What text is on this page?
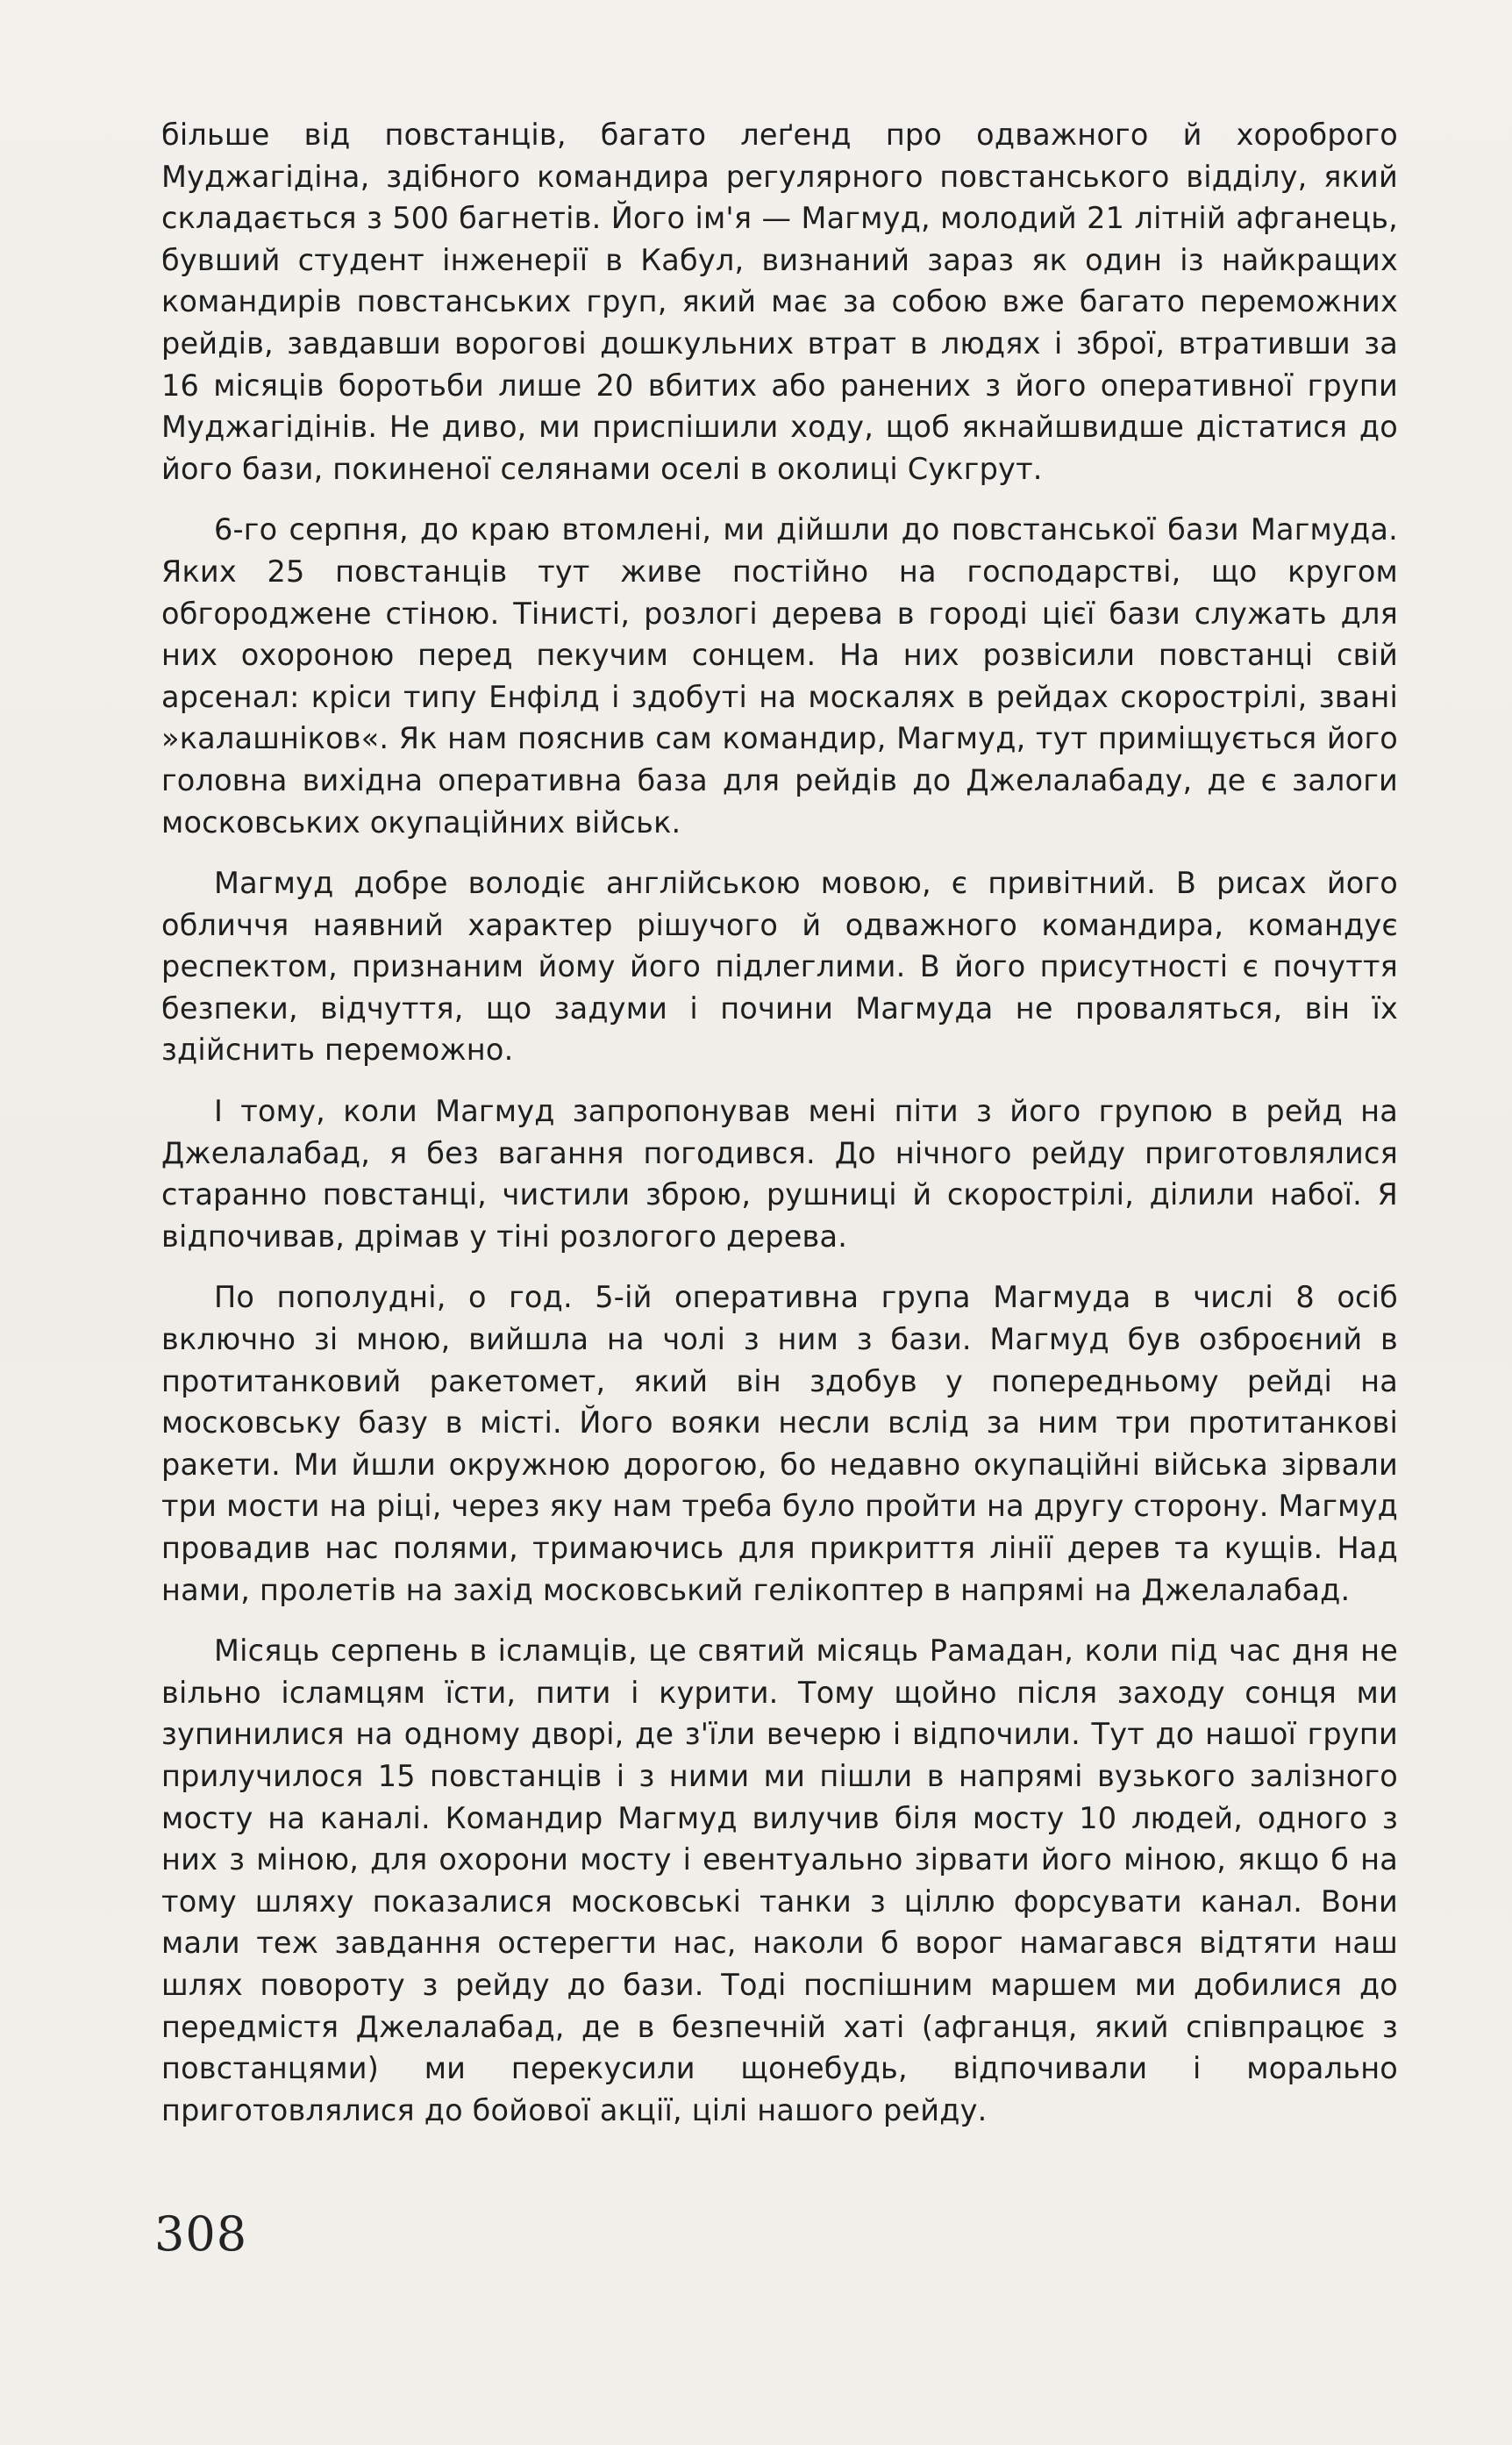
більше від повстанців, багато леґенд про одважного й хороброго Муджагідіна, здібного командира регулярного повстанського відділу, який складається з 500 багнетів. Його ім'я — Магмуд, молодий 21 літній афганець, бувший студент інженерії в Кабул, визнаний зараз як один із найкращих командирів повстанських груп, який має за собою вже багато переможних рейдів, завдавши ворогові дошкульних втрат в людях і зброї, втративши за 16 місяців боротьби лише 20 вбитих або ранених з його оперативної групи Муджагідінів. Не диво, ми приспішили ходу, щоб якнайшвидше дістатися до його бази, покиненої селянами оселі в околиці Сукгрут.

6-го серпня, до краю втомлені, ми дійшли до повстанської бази Магмуда. Яких 25 повстанців тут живе постійно на господарстві, що кругом обгороджене стіною. Тінисті, розлогі дерева в городі цієї бази служать для них охороною перед пекучим сонцем. На них розвісили повстанці свій арсенал: кріси типу Енфілд і здобуті на москалях в рейдах скорострілі, звані »калашніков«. Як нам пояснив сам командир, Магмуд, тут приміщується його головна вихідна оперативна база для рейдів до Джелалабаду, де є залоги московських окупаційних військ.

Магмуд добре володіє англійською мовою, є привітний. В рисах його обличчя наявний характер рішучого й одважного командира, командує респектом, признаним йому його підлеглими. В його присутності є почуття безпеки, відчуття, що задуми і почини Магмуда не проваляться, він їх здійснить переможно.

І тому, коли Магмуд запропонував мені піти з його групою в рейд на Джелалабад, я без вагання погодився. До нічного рейду приготовлялися старанно повстанці, чистили зброю, рушниці й скорострілі, ділили набої. Я відпочивав, дрімав у тіні розлогого дерева.

По пополудні, о год. 5-ій оперативна група Магмуда в числі 8 осіб включно зі мною, вийшла на чолі з ним з бази. Магмуд був озброєний в протитанковий ракетомет, який він здобув у попередньому рейді на московську базу в місті. Його вояки несли вслід за ним три протитанкові ракети. Ми йшли окружною дорогою, бо недавно окупаційні війська зірвали три мости на ріці, через яку нам треба було пройти на другу сторону. Магмуд провадив нас полями, тримаючись для прикриття лінії дерев та кущів. Над нами, пролетів на захід московський гелікоптер в напрямі на Джелалабад.

Місяць серпень в ісламців, це святий місяць Рамадан, коли під час дня не вільно ісламцям їсти, пити і курити. Тому щойно після заходу сонця ми зупинилися на одному дворі, де з'їли вечерю і відпочили. Тут до нашої групи прилучилося 15 повстанців і з ними ми пішли в напрямі вузького залізного мосту на каналі. Командир Магмуд вилучив біля мосту 10 людей, одного з них з міною, для охорони мосту і евентуально зірвати його міною, якщо б на тому шляху показалися московські танки з ціллю форсувати канал. Вони мали теж завдання остерегти нас, наколи б ворог намагався відтяти наш шлях повороту з рейду до бази. Тоді поспішним маршем ми добилися до передмістя Джелалабад, де в безпечній хаті (афганця, який співпрацює з повстанцями) ми перекусили щонебудь, відпочивали і морально приготовлялися до бойової акції, цілі нашого рейду.

308
